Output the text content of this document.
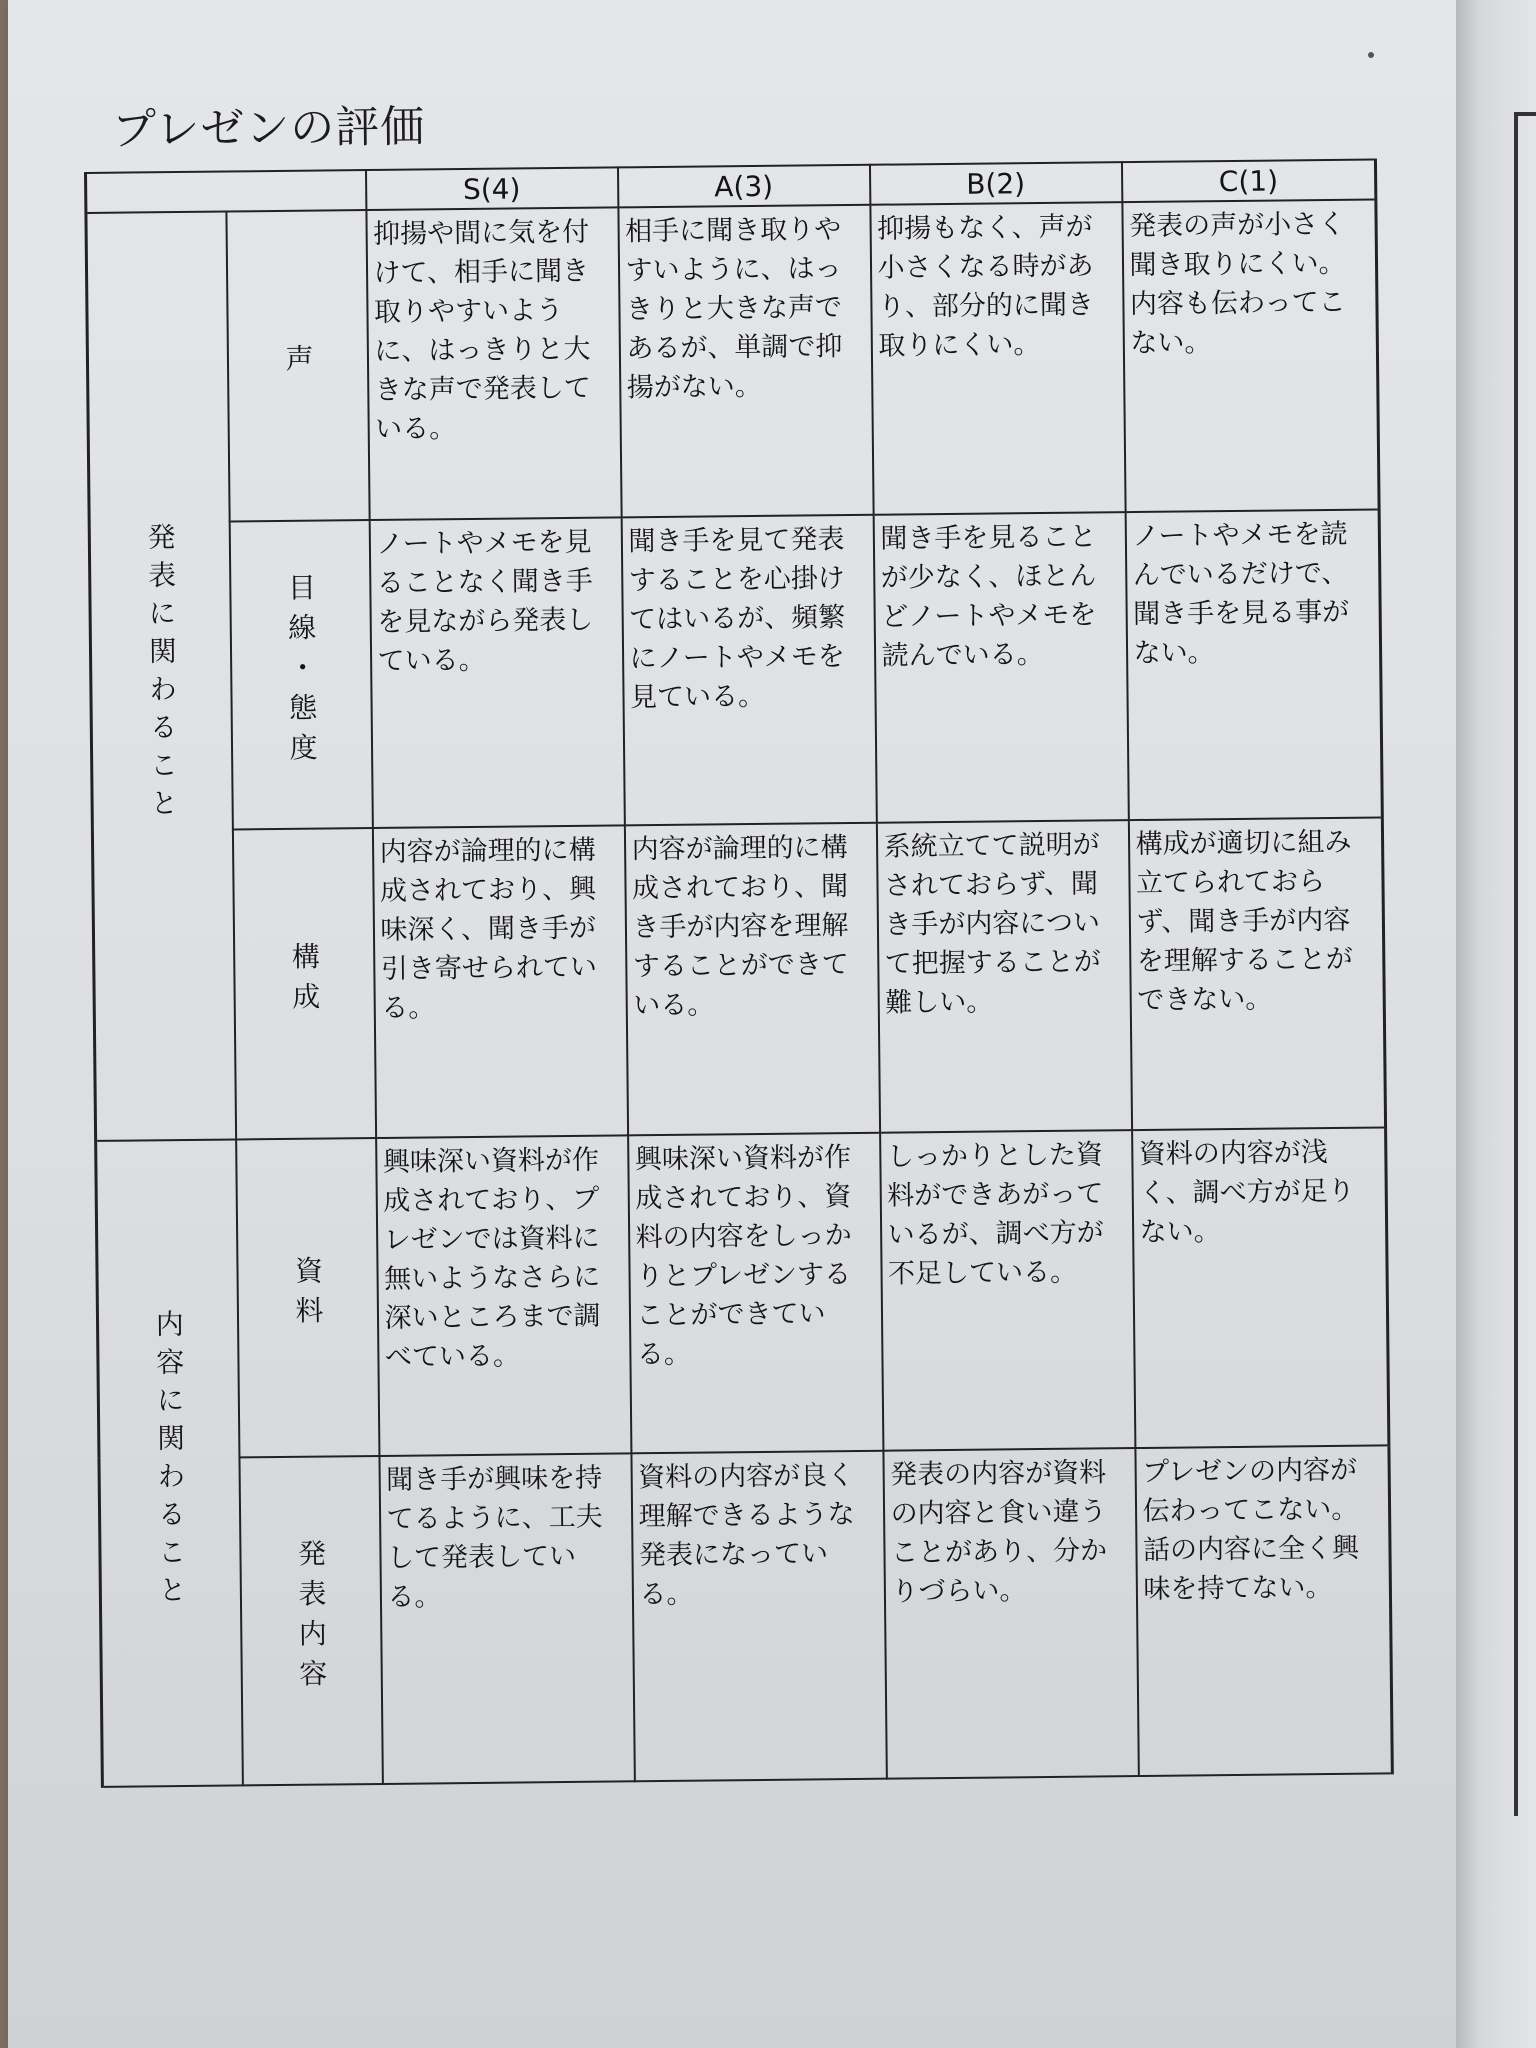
プレゼンの評価
		S(4)	A(3)	B(2)	C(1)
発表に関わること	声	抑揚や間に気を付けて、相手に聞き取りやすいように、はっきりと大きな声で発表している。	相手に聞き取りやすいように、はっきりと大きな声であるが、単調で抑揚がない。	抑揚もなく、声が小さくなる時があり、部分的に聞き取りにくい。	発表の声が小さく聞き取りにくい。内容も伝わってこない。
	目線・態度	ノートやメモを見ることなく聞き手を見ながら発表している。	聞き手を見て発表することを心掛けてはいるが、頻繁にノートやメモを見ている。	聞き手を見ることが少なく、ほとんどノートやメモを読んでいる。	ノートやメモを読んでいるだけで、聞き手を見る事がない。
	構成	内容が論理的に構成されており、興味深く、聞き手が引き寄せられている。	内容が論理的に構成されており、聞き手が内容を理解することができている。	系統立てて説明がされておらず、聞き手が内容について把握することが難しい。	構成が適切に組み立てられておらず、聞き手が内容を理解することができない。
内容に関わること	資料	興味深い資料が作成されており、プレゼンでは資料に無いようなさらに深いところまで調べている。	興味深い資料が作成されており、資料の内容をしっかりとプレゼンすることができている。	しっかりとした資料ができあがっているが、調べ方が不足している。	資料の内容が浅く、調べ方が足りない。
	発表内容	聞き手が興味を持てるように、工夫して発表している。	資料の内容が良く理解できるような発表になっている。	発表の内容が資料の内容と食い違うことがあり、分かりづらい。	プレゼンの内容が伝わってこない。話の内容に全く興味を持てない。
